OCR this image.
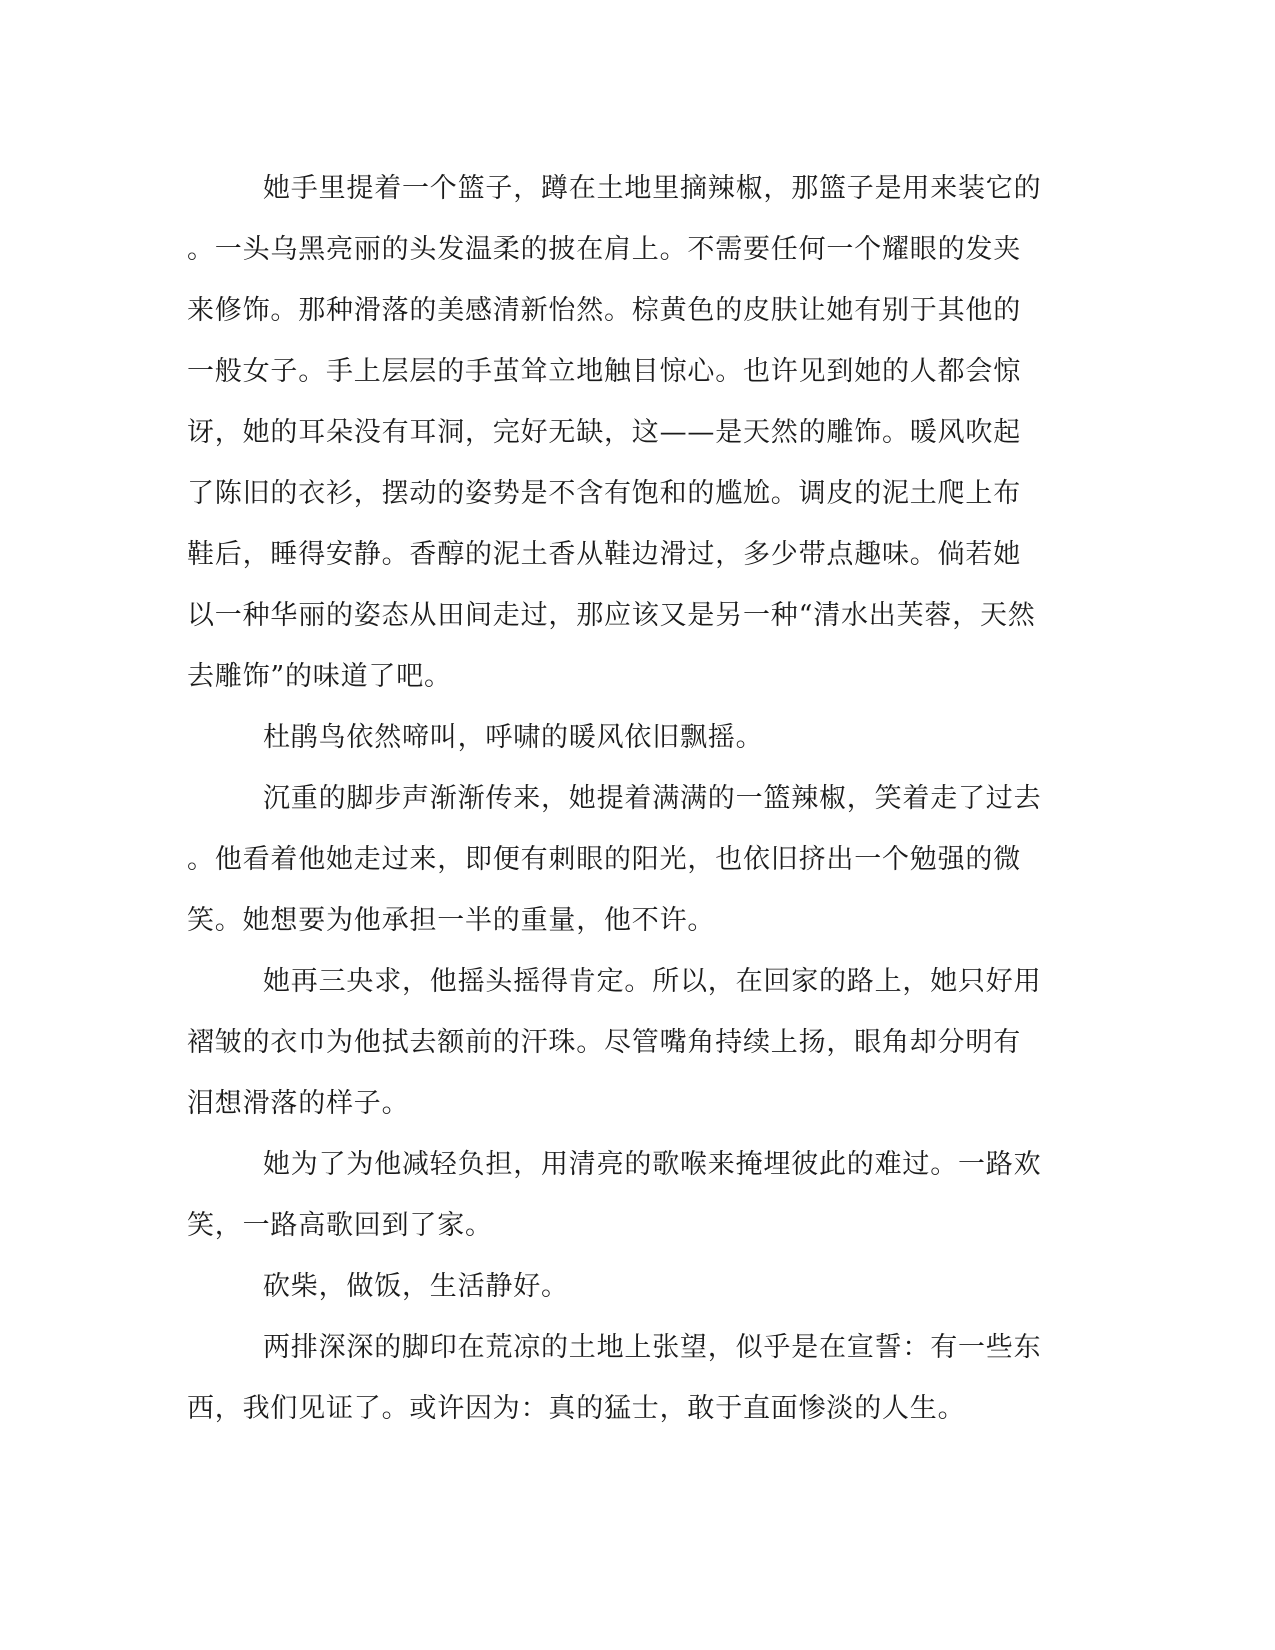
她手里提着一个篮子，蹲在土地里摘辣椒，那篮子是用来装它的
。一头乌黑亮丽的头发温柔的披在肩上。不需要任何一个耀眼的发夹
来修饰。那种滑落的美感清新怡然。棕黄色的皮肤让她有别于其他的
一般女子。手上层层的手茧耸立地触目惊心。也许见到她的人都会惊
讶，她的耳朵没有耳洞，完好无缺，这——是天然的雕饰。暖风吹起
了陈旧的衣衫，摆动的姿势是不含有饱和的尴尬。调皮的泥土爬上布
鞋后，睡得安静。香醇的泥土香从鞋边滑过，多少带点趣味。倘若她
以一种华丽的姿态从田间走过，那应该又是另一种“清水出芙蓉，天然
去雕饰”的味道了吧。
杜鹃鸟依然啼叫，呼啸的暖风依旧飘摇。
沉重的脚步声渐渐传来，她提着满满的一篮辣椒，笑着走了过去
。他看着他她走过来，即便有刺眼的阳光，也依旧挤出一个勉强的微
笑。她想要为他承担一半的重量，他不许。
她再三央求，他摇头摇得肯定。所以，在回家的路上，她只好用
褶皱的衣巾为他拭去额前的汗珠。尽管嘴角持续上扬，眼角却分明有
泪想滑落的样子。
她为了为他减轻负担，用清亮的歌喉来掩埋彼此的难过。一路欢
笑，一路高歌回到了家。
砍柴，做饭，生活静好。
两排深深的脚印在荒凉的土地上张望，似乎是在宣誓：有一些东
西，我们见证了。或许因为：真的猛士，敢于直面惨淡的人生。
